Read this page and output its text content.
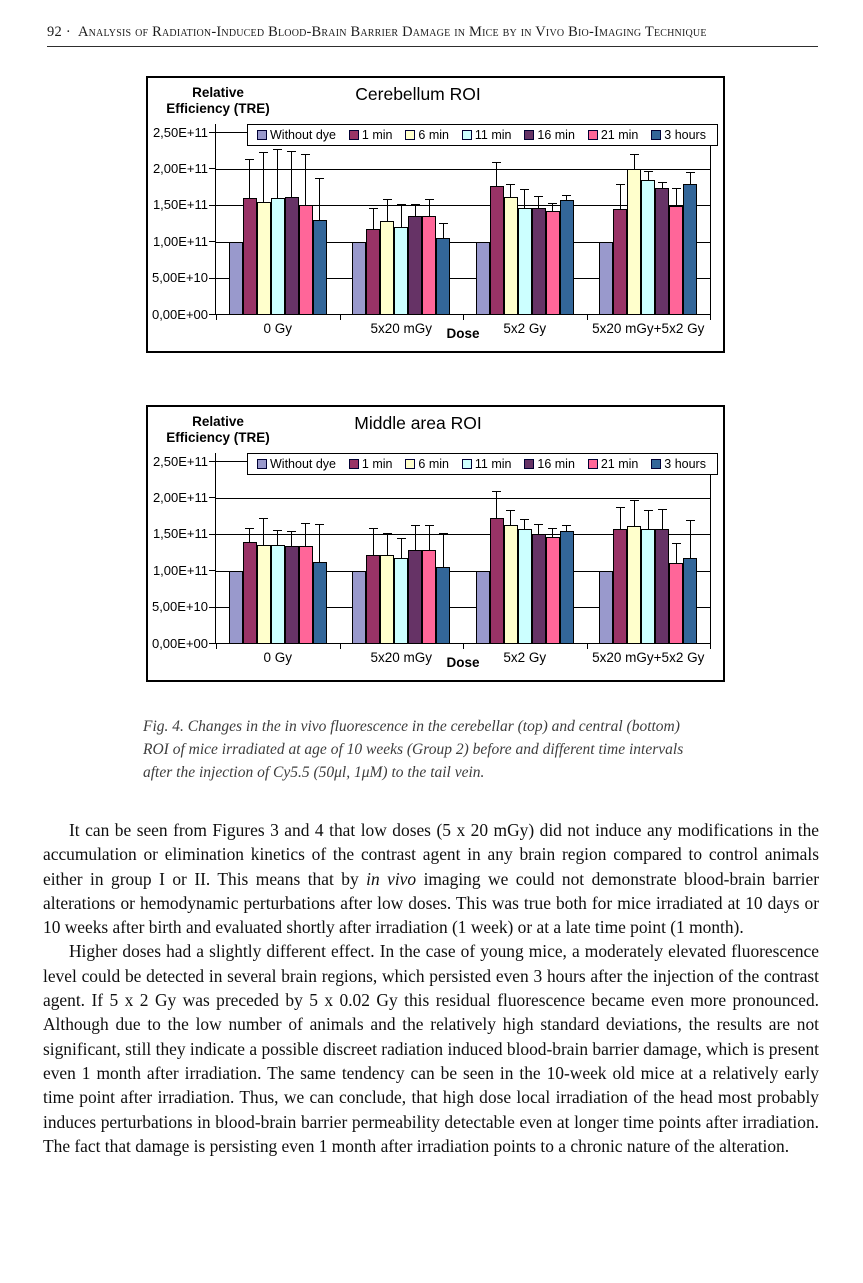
92 · Analysis of Radiation-Induced Blood-Brain Barrier Damage in Mice by in Vivo Bio-Imaging Technique
Relative Efficiency (TRE)
Cerebellum ROI
Without dye 1 min 6 min 11 min 16 min 21 min 3 hours
Dose
2,50E+11
2,00E+11
1,50E+11
1,00E+11
5,00E+10
0,00E+00
0 Gy	5x20 mGy	5x2 Gy	5x20 mGy+5x2 Gy
Relative Efficiency (TRE)
Middle area ROI
Without dye 1 min 6 min 11 min 16 min 21 min 3 hours
Dose
2,50E+11
2,00E+11
1,50E+11
1,00E+11
5,00E+10
0,00E+00
0 Gy	5x20 mGy	5x2 Gy	5x20 mGy+5x2 Gy
Fig. 4. Changes in the in vivo fluorescence in the cerebellar (top) and central (bottom)
ROI of mice irradiated at age of 10 weeks (Group 2) before and different time intervals
after the injection of Cy5.5 (50μl, 1μM) to the tail vein.

It can be seen from Figures 3 and 4 that low doses (5 x 20 mGy) did not induce any modifications in the accumulation or elimination kinetics of the contrast agent in any brain region compared to control animals either in group I or II. This means that by in vivo imaging we could not demonstrate blood-brain barrier alterations or hemodynamic perturbations after low doses. This was true both for mice irradiated at 10 days or 10 weeks after birth and evaluated shortly after irradiation (1 week) or at a late time point (1 month).

Higher doses had a slightly different effect. In the case of young mice, a moderately elevated fluorescence level could be detected in several brain regions, which persisted even 3 hours after the injection of the contrast agent. If 5 x 2 Gy was preceded by 5 x 0.02 Gy this residual fluorescence became even more pronounced. Although due to the low number of animals and the relatively high standard deviations, the results are not significant, still they indicate a possible discreet radiation induced blood-brain barrier damage, which is present even 1 month after irradiation. The same tendency can be seen in the 10-week old mice at a relatively early time point after irradiation. Thus, we can conclude, that high dose local irradiation of the head most probably induces perturbations in blood-brain barrier permeability detectable even at longer time points after irradiation. The fact that damage is persisting even 1 month after irradiation points to a chronic nature of the alteration.
